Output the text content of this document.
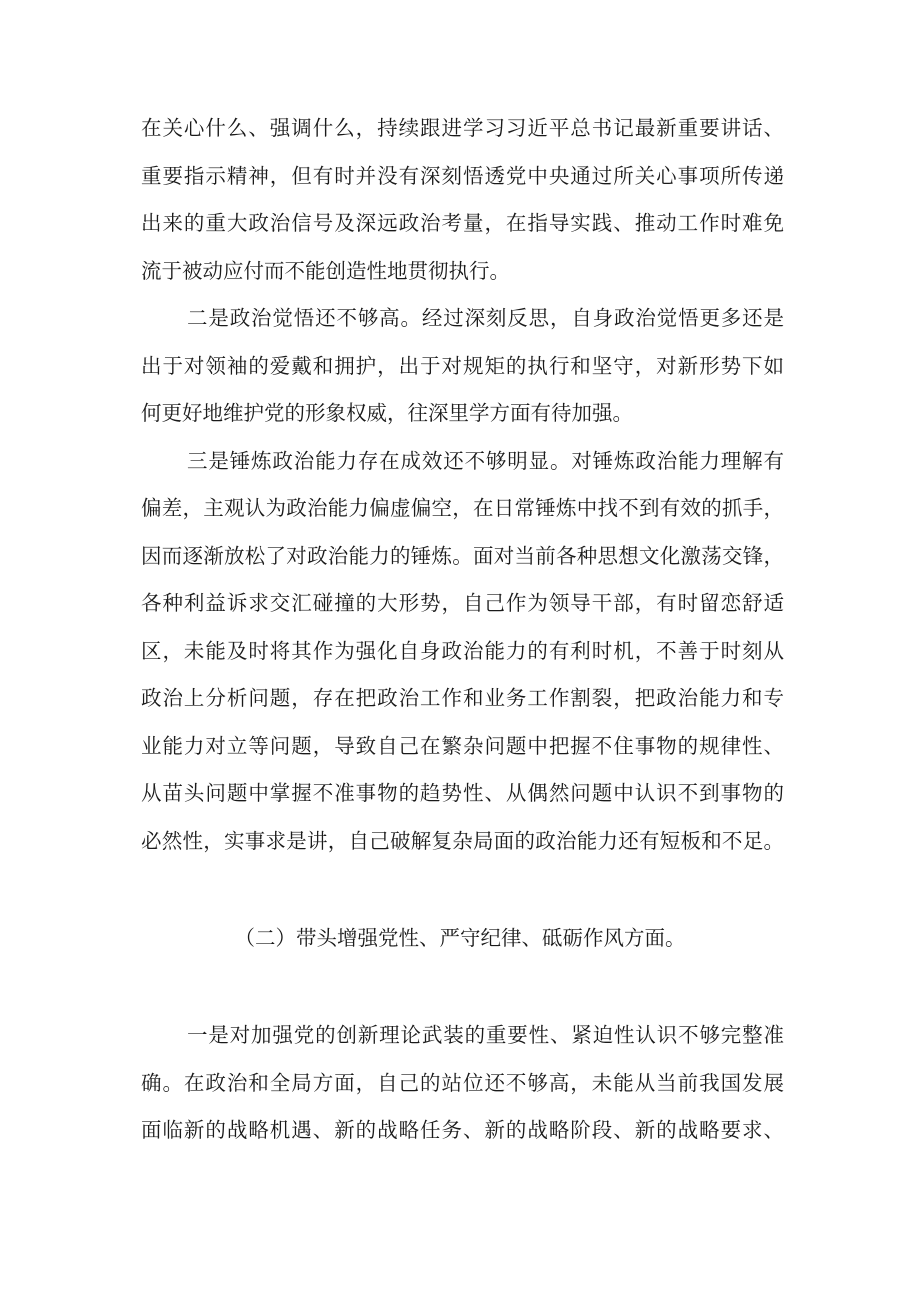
在关心什么、强调什么，持续跟进学习习近平总书记最新重要讲话、
重要指示精神，但有时并没有深刻悟透党中央通过所关心事项所传递
出来的重大政治信号及深远政治考量，在指导实践、推动工作时难免
流于被动应付而不能创造性地贯彻执行。
二是政治觉悟还不够高。经过深刻反思，自身政治觉悟更多还是
出于对领袖的爱戴和拥护，出于对规矩的执行和坚守，对新形势下如
何更好地维护党的形象权威，往深里学方面有待加强。
三是锤炼政治能力存在成效还不够明显。对锤炼政治能力理解有
偏差，主观认为政治能力偏虚偏空，在日常锤炼中找不到有效的抓手，
因而逐渐放松了对政治能力的锤炼。面对当前各种思想文化激荡交锋，
各种利益诉求交汇碰撞的大形势，自己作为领导干部，有时留恋舒适
区，未能及时将其作为强化自身政治能力的有利时机，不善于时刻从
政治上分析问题，存在把政治工作和业务工作割裂，把政治能力和专
业能力对立等问题，导致自己在繁杂问题中把握不住事物的规律性、
从苗头问题中掌握不准事物的趋势性、从偶然问题中认识不到事物的
必然性，实事求是讲，自己破解复杂局面的政治能力还有短板和不足。
（二）带头增强党性、严守纪律、砥砺作风方面。
一是对加强党的创新理论武装的重要性、紧迫性认识不够完整准
确。在政治和全局方面，自己的站位还不够高，未能从当前我国发展
面临新的战略机遇、新的战略任务、新的战略阶段、新的战略要求、
